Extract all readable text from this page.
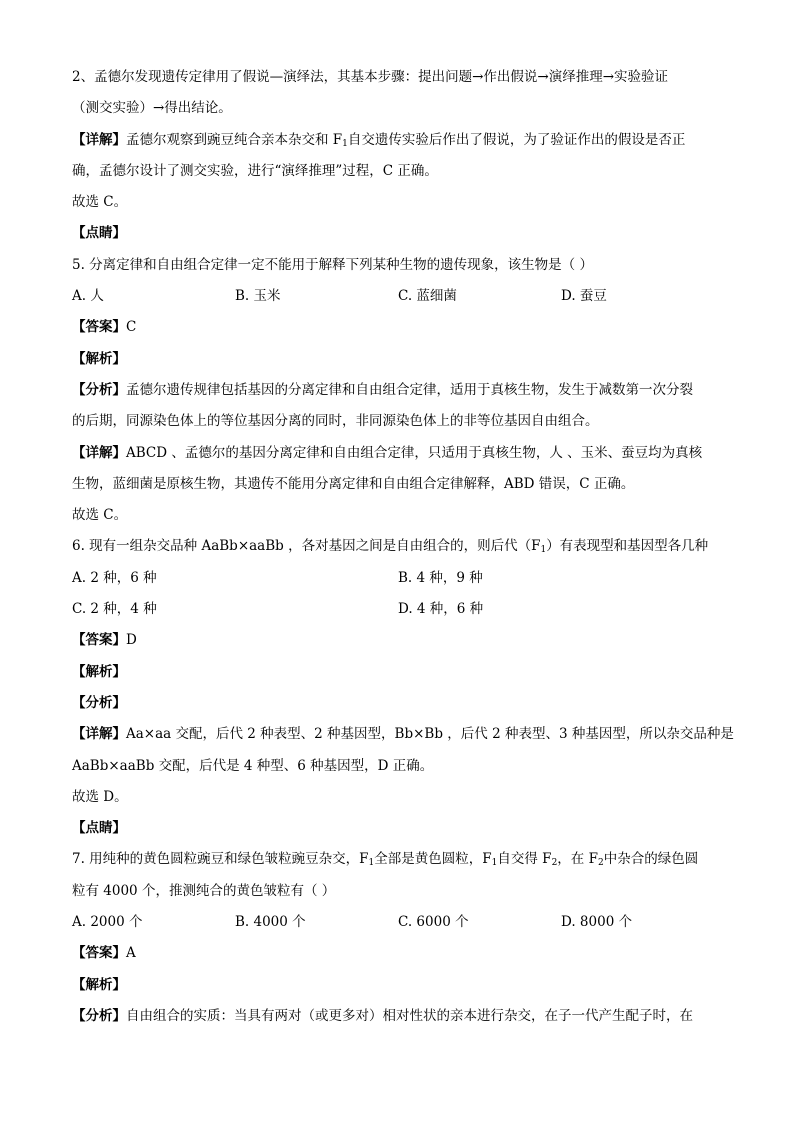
2、孟德尔发现遗传定律用了假说—演绎法，其基本步骤：提出问题→作出假说→演绎推理→实验验证
（测交实验）→得出结论。
【详解】孟德尔观察到豌豆纯合亲本杂交和 $F_1$自交遗传实验后作出了假说，为了验证作出的假设是否正
确，孟德尔设计了测交实验，进行“演绎推理”过程，C 正确。
故选 C。
【点睛】
5. 分离定律和自由组合定律一定不能用于解释下列某种生物的遗传现象，该生物是（ ）
A. 人	B. 玉米	C. 蓝细菌	D. 蚕豆
【答案】C
【解析】
【分析】孟德尔遗传规律包括基因的分离定律和自由组合定律，适用于真核生物，发生于减数第一次分裂
的后期，同源染色体上的等位基因分离的同时，非同源染色体上的非等位基因自由组合。
【详解】ABCD 、孟德尔的基因分离定律和自由组合定律，只适用于真核生物，人 、玉米、蚕豆均为真核
生物，蓝细菌是原核生物，其遗传不能用分离定律和自由组合定律解释，ABD 错误，C 正确。
故选 C。
6. 现有一组杂交品种 AaBb×aaBb ，各对基因之间是自由组合的，则后代$(F_1)$有表现型和基因型各几种
A. 2 种，6 种	B. 4 种，9 种
C. 2 种，4 种	D. 4 种，6 种
【答案】D
【解析】
【分析】
【详解】Aa×aa 交配，后代 2 种表型、2 种基因型，Bb×Bb ，后代 2 种表型、3 种基因型，所以杂交品种是
AaBb×aaBb 交配，后代是 4 种型、6 种基因型，D 正确。
故选 D。
【点睛】
7. 用纯种的黄色圆粒豌豆和绿色皱粒豌豆杂交，$F_1$全部是黄色圆粒，$F_1$自交得 $F_2$，在 $F_2$中杂合的绿色圆
粒有 4000 个，推测纯合的黄色皱粒有（ ）
A. 2000 个	B. 4000 个	C. 6000 个	D. 8000 个
【答案】A
【解析】
【分析】自由组合的实质：当具有两对（或更多对）相对性状的亲本进行杂交，在子一代产生配子时，在
